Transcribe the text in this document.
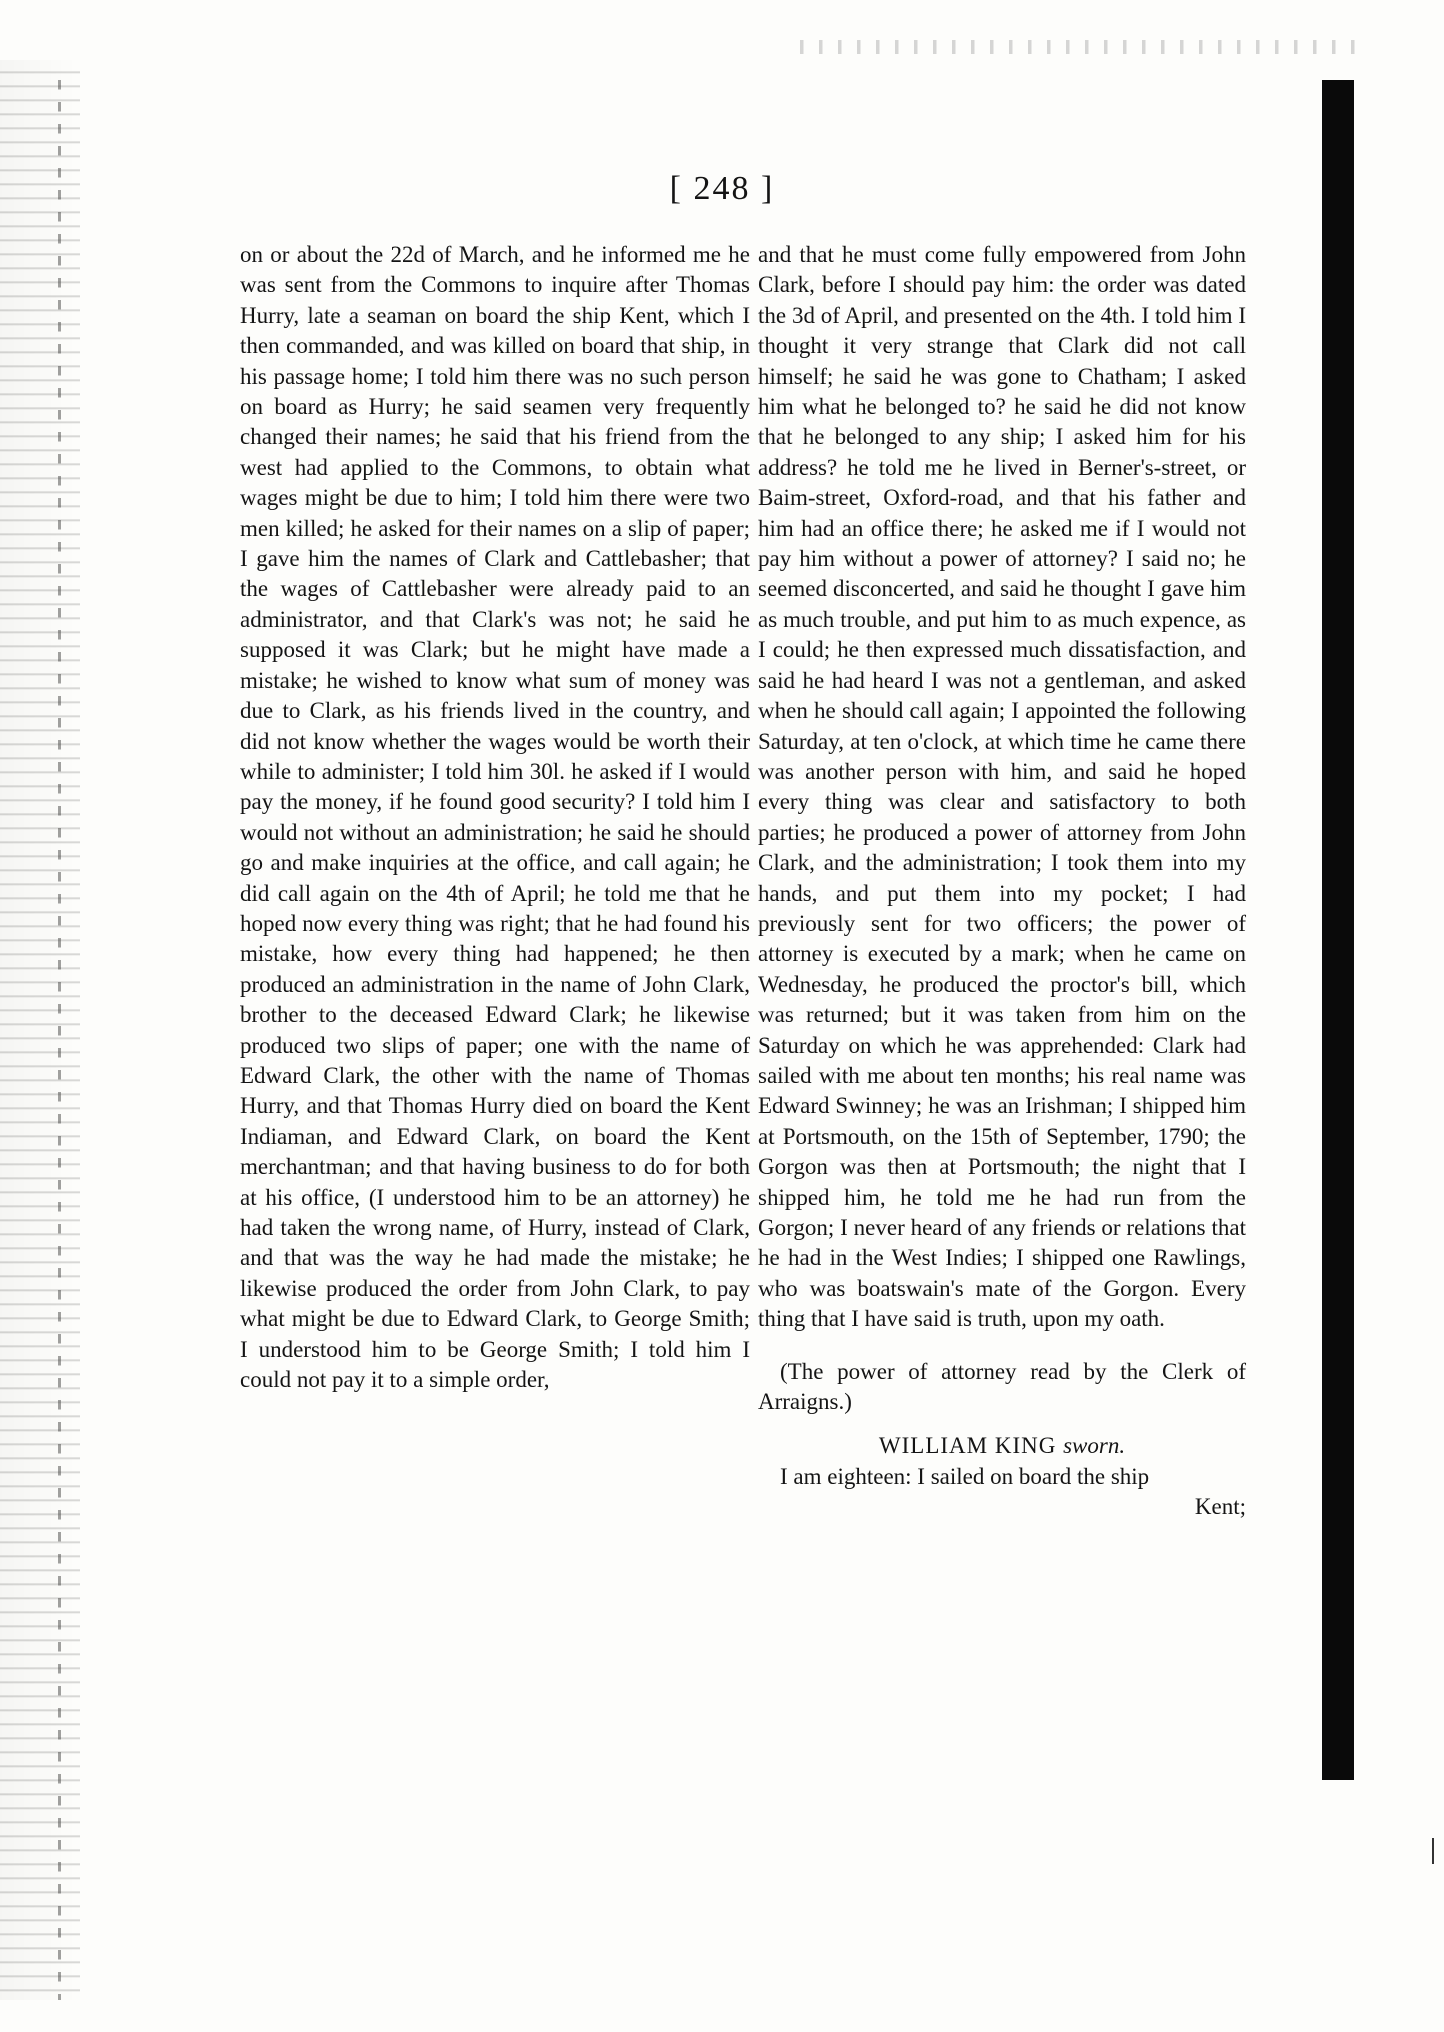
[ 248 ]

on or about the 22d of March, and he informed me he was sent from the Commons to inquire after Thomas Hurry, late a seaman on board the ship Kent, which I then commanded, and was killed on board that ship, in his passage home; I told him there was no such person on board as Hurry; he said seamen very frequently changed their names; he said that his friend from the west had applied to the Commons, to obtain what wages might be due to him; I told him there were two men killed; he asked for their names on a slip of paper; I gave him the names of Clark and Cattlebasher; that the wages of Cattlebasher were already paid to an administrator, and that Clark's was not; he said he supposed it was Clark; but he might have made a mistake; he wished to know what sum of money was due to Clark, as his friends lived in the country, and did not know whether the wages would be worth their while to administer; I told him 30l. he asked if I would pay the money, if he found good security? I told him I would not without an administration; he said he should go and make inquiries at the office, and call again; he did call again on the 4th of April; he told me that he hoped now every thing was right; that he had found his mistake, how every thing had happened; he then produced an administration in the name of John Clark, brother to the deceased Edward Clark; he likewise produced two slips of paper; one with the name of Edward Clark, the other with the name of Thomas Hurry, and that Thomas Hurry died on board the Kent Indiaman, and Edward Clark, on board the Kent merchantman; and that having business to do for both at his office, (I understood him to be an attorney) he had taken the wrong name, of Hurry, instead of Clark, and that was the way he had made the mistake; he likewise produced the order from John Clark, to pay what might be due to Edward Clark, to George Smith; I understood him to be George Smith; I told him I could not pay it to a simple order,

and that he must come fully empowered from John Clark, before I should pay him: the order was dated the 3d of April, and presented on the 4th. I told him I thought it very strange that Clark did not call himself; he said he was gone to Chatham; I asked him what he belonged to? he said he did not know that he belonged to any ship; I asked him for his address? he told me he lived in Berner's-street, or Baim-street, Oxford-road, and that his father and him had an office there; he asked me if I would not pay him without a power of attorney? I said no; he seemed disconcerted, and said he thought I gave him as much trouble, and put him to as much expence, as I could; he then expressed much dissatisfaction, and said he had heard I was not a gentleman, and asked when he should call again; I appointed the following Saturday, at ten o'clock, at which time he came there was another person with him, and said he hoped every thing was clear and satisfactory to both parties; he produced a power of attorney from John Clark, and the administration; I took them into my hands, and put them into my pocket; I had previously sent for two officers; the power of attorney is executed by a mark; when he came on Wednesday, he produced the proctor's bill, which was returned; but it was taken from him on the Saturday on which he was apprehended: Clark had sailed with me about ten months; his real name was Edward Swinney; he was an Irishman; I shipped him at Portsmouth, on the 15th of September, 1790; the Gorgon was then at Portsmouth; the night that I shipped him, he told me he had run from the Gorgon; I never heard of any friends or relations that he had in the West Indies; I shipped one Rawlings, who was boatswain's mate of the Gorgon. Every thing that I have said is truth, upon my oath.

(The power of attorney read by the Clerk of Arraigns.)

WILLIAM KING sworn.

I am eighteen: I sailed on board the ship

Kent;
